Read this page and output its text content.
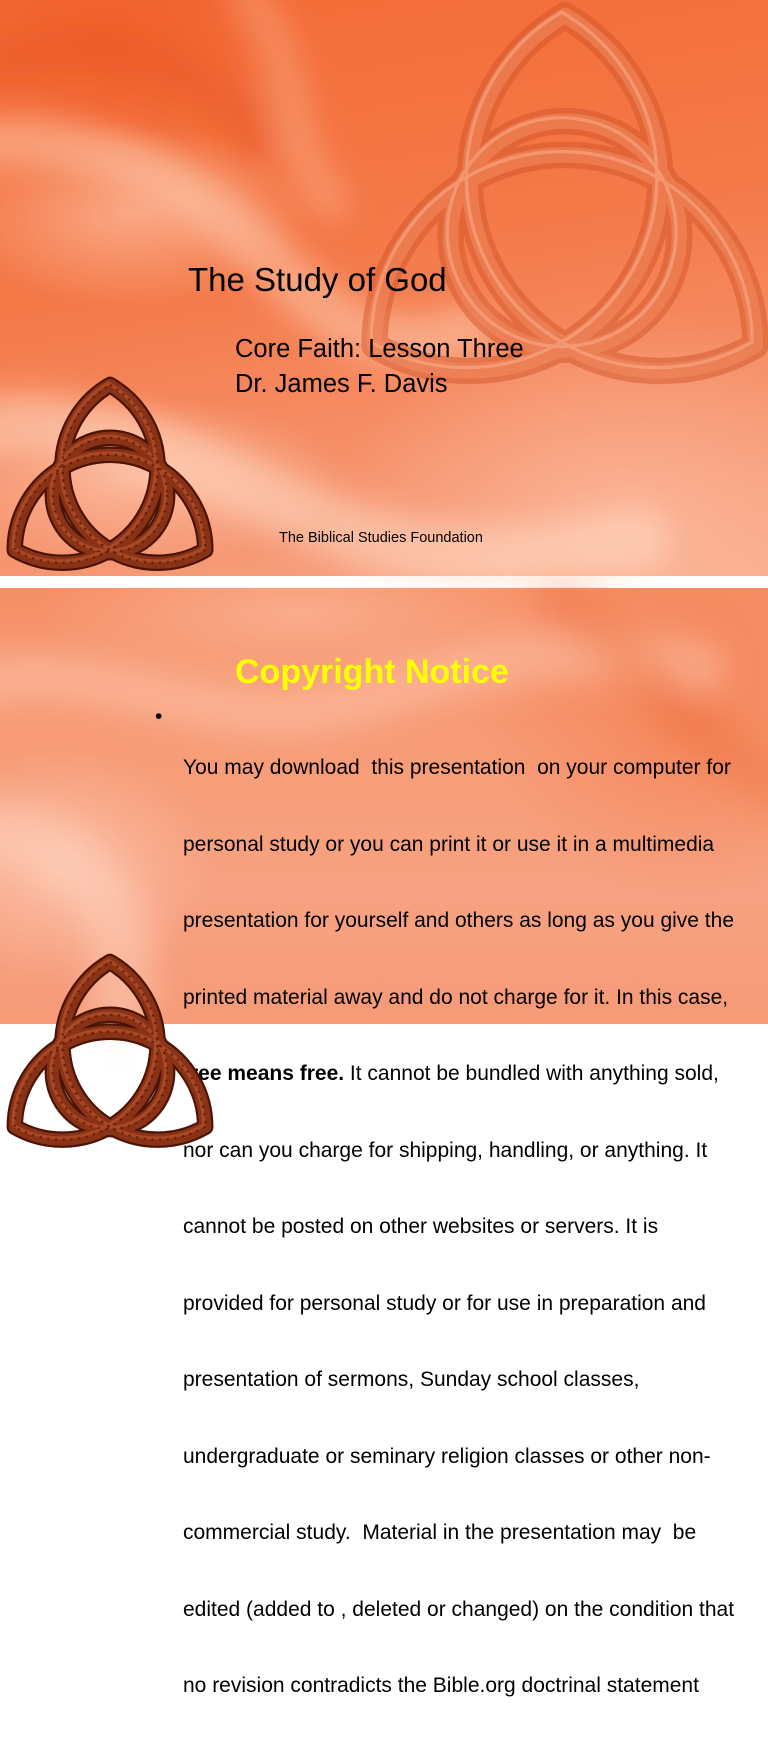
The Study of God
Core Faith: Lesson Three
Dr. James F. Davis
The Biblical Studies Foundation
Copyright Notice
•

You may download  this presentation  on your computer for

personal study or you can print it or use it in a multimedia

presentation for yourself and others as long as you give the

printed material away and do not charge for it. In this case,

free means free. It cannot be bundled with anything sold,

nor can you charge for shipping, handling, or anything. It

cannot be posted on other websites or servers. It is

provided for personal study or for use in preparation and

presentation of sermons, Sunday school classes,

undergraduate or seminary religion classes or other non-

commercial study.  Material in the presentation may  be

edited (added to , deleted or changed) on the condition that

no revision contradicts the Bible.org doctrinal statement
